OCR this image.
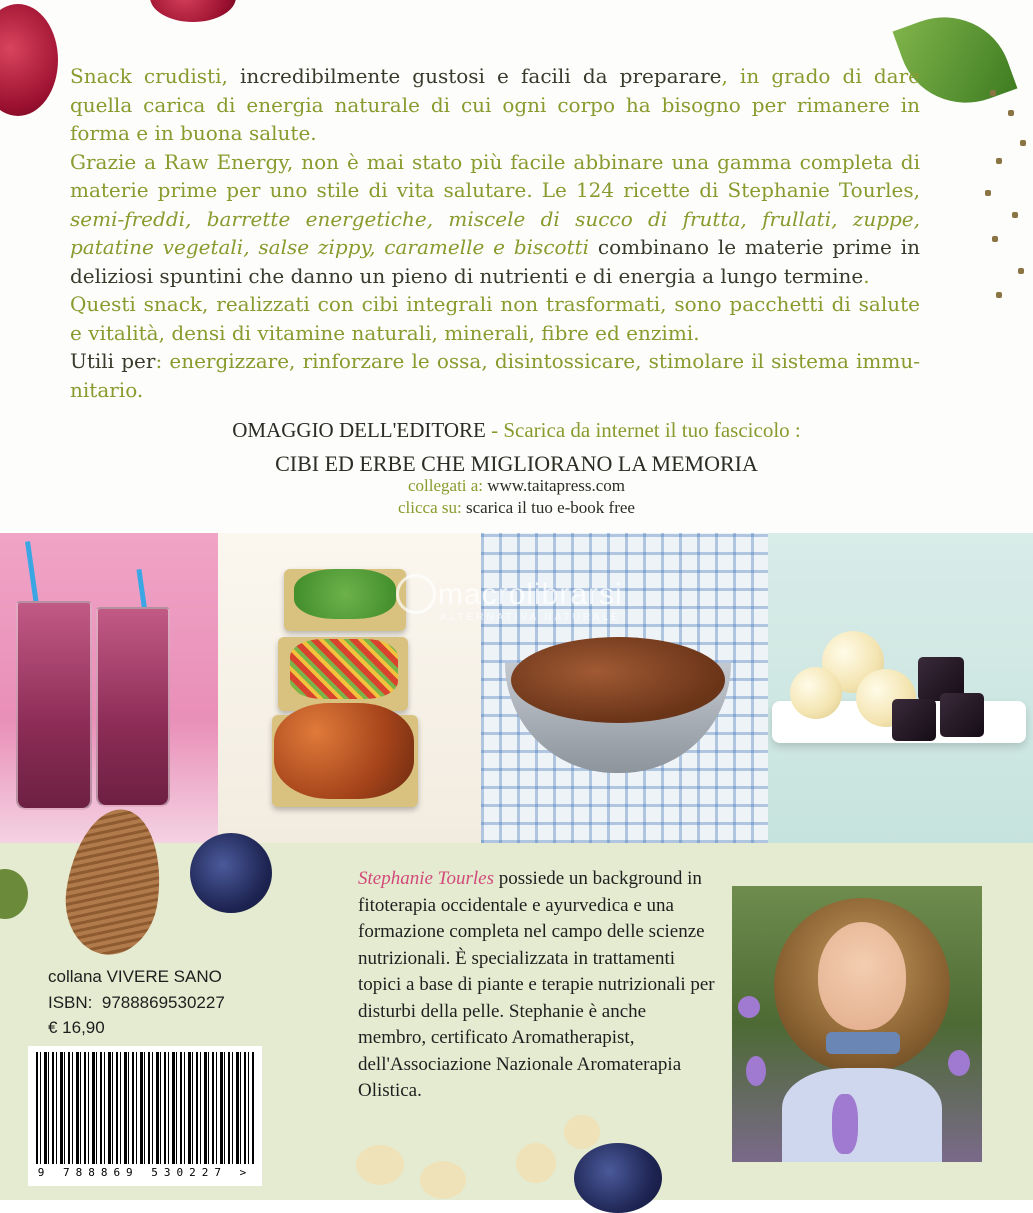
Snack crudisti, incredibilmente gustosi e facili da preparare, in grado di dare quella carica di energia naturale di cui ogni corpo ha bisogno per rimanere in forma e in buona salute.

Grazie a Raw Energy, non è mai stato più facile abbinare una gamma completa di materie prime per uno stile di vita salutare. Le 124 ricette di Stephanie Tourles, semi-freddi, barrette energetiche, miscele di succo di frutta, frullati, zuppe, patatine vegetali, salse zippy, caramelle e biscotti combinano le materie prime in deliziosi spuntini che danno un pieno di nutrienti e di energia a lungo termine.

Questi snack, realizzati con cibi integrali non trasformati, sono pacchetti di salute e vitalità, densi di vitamine naturali, minerali, fibre ed enzimi.

Utili per: energizzare, rinforzare le ossa, disintossicare, stimolare il sistema immu-nitario.

OMAGGIO DELL'EDITORE - Scarica da internet il tuo fascicolo :
CIBI ED ERBE CHE MIGLIORANO LA MEMORIA
collegati a: www.taitapress.com
clicca su: scarica il tuo e-book free
macrolibrarsi
ALTERNATIVA NATURALE
collana VIVERE SANO
ISBN: 9788869530227
€ 16,90
9 788869 530227 >
Stephanie Tourles possiede un background in fitoterapia occidentale e ayurvedica e una formazione completa nel campo delle scienze nutrizionali. È specializzata in trattamenti topici a base di piante e terapie nutrizionali per disturbi della pelle. Stephanie è anche membro, certificato Aromatherapist, dell'Associazione Nazionale Aromaterapia Olistica.
